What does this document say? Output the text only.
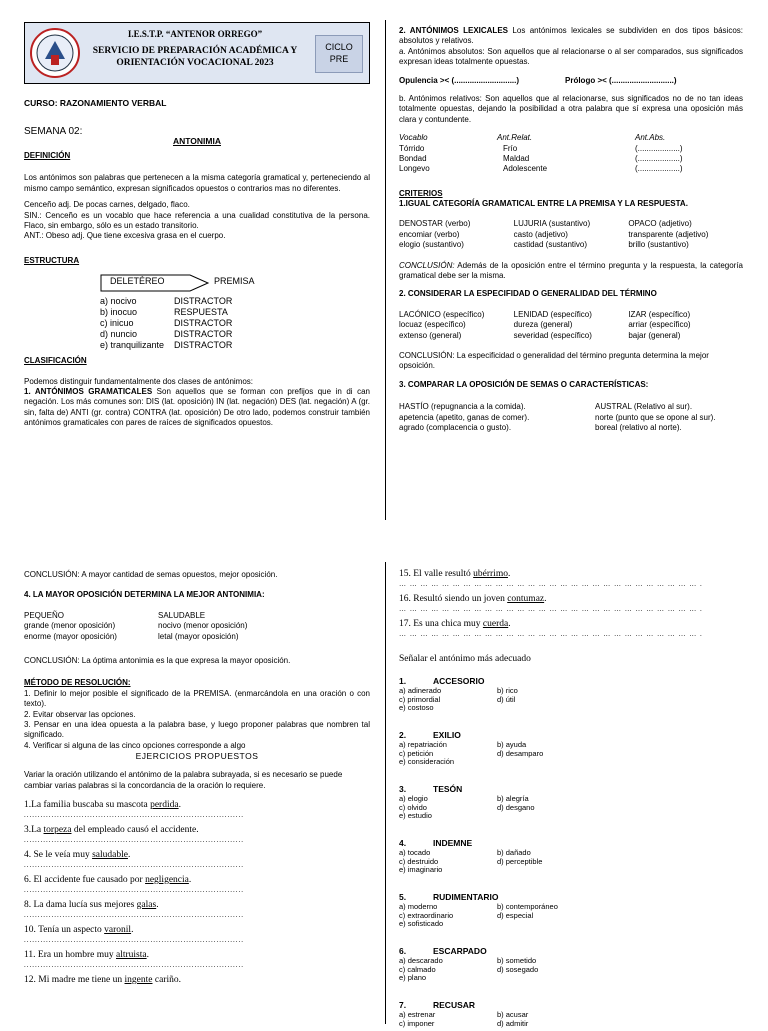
I.E.S.T.P. “ANTENOR ORREGO”
SERVICIO DE PREPARACIÓN ACADÉMICA Y
ORIENTACIÓN VOCACIONAL 2023
CICLO PRE
CURSO: RAZONAMIENTO VERBAL
SEMANA 02:
ANTONIMIA
DEFINICIÓN

Los antónimos son palabras que pertenecen a la misma categoría gramatical y, perteneciendo al mismo campo semántico, expresan significados opuestos o contrarios mas no diferentes.

Cenceño adj. De pocas carnes, delgado, flaco.

SIN.: Cenceño es un vocablo que hace referencia a una cualidad constitutiva de la persona. Flaco, sin embargo, sólo es un estado transitorio.

ANT.: Obeso adj. Que tiene excesiva grasa en el cuerpo.

ESTRUCTURA
DELETÉREO	PREMISA
a) nocivo	DISTRACTOR
b) inocuo	RESPUESTA
c) inicuo	DISTRACTOR
d) nuncio	DISTRACTOR
e) tranquilizante	DISTRACTOR
CLASIFICACIÓN

Podemos distinguir fundamentalmente dos clases de antónimos:

1. ANTÓNIMOS GRAMATICALES Son aquellos que se forman con prefijos que in di can negación. Los más comunes son: DIS (lat. oposición) IN (lat. negación) DES (lat. negación) A (gr. sin, falta de) ANTI (gr. contra) CONTRA (lat. oposición) De otro lado, podemos construir también antónimos gramaticales con pares de raíces de significados opuestos.

2. ANTÓNIMOS LEXICALES Los antónimos lexicales se subdividen en dos tipos básicos: absolutos y relativos.

a. Antónimos absolutos: Son aquellos que al relacionarse o al ser comparados, sus significados expresan ideas totalmente opuestas.

Opulencia >< (............................)	Prólogo >< (............................)

b. Antónimos relativos: Son aquellos que al relacionarse, sus significados no de no tan ideas totalmente opuestas, dejando la posibilidad a otra palabra que sí expresa una oposición más clara y contundente.

Vocablo	Ant.Relat.	Ant.Abs.
Tórrido	Frío	(...................)
Bondad	Maldad	(...................)
Longevo	Adolescente	(...................)
CRITERIOS
1.IGUAL CATEGORÍA GRAMATICAL ENTRE LA PREMISA Y LA RESPUESTA.
DENOSTAR (verbo)	LUJURIA (sustantivo)	OPACO (adjetivo)
encomiar (verbo)	casto (adjetivo)	transparente (adjetivo)
elogio (sustantivo)	castidad (sustantivo)	brillo (sustantivo)

CONCLUSIÓN: Además de la oposición entre el término pregunta y la respuesta, la categoría gramatical debe ser la misma.

2. CONSIDERAR LA ESPECIFIDAD O GENERALIDAD DEL TÉRMINO
LACÓNICO (específico)	LENIDAD (específico)	IZAR (específico)
locuaz (específico)	dureza (general)	arriar (específico)
extenso (general)	severidad (específico)	bajar (general)

CONCLUSIÓN: La especificidad o generalidad del término pregunta determina la mejor opsoición.

3. COMPARAR LA OPOSICIÓN DE SEMAS O CARACTERÍSTICAS:
HASTÍO (repugnancia a la comida).	AUSTRAL (Relativo al sur).
apetencia (apetito, ganas de comer).	norte (punto que se opone al sur).
agrado (complacencia o gusto).	boreal (relativo al norte).

CONCLUSIÓN: A mayor cantidad de semas opuestos, mejor oposición.

4. LA MAYOR OPOSICIÓN DETERMINA LA MEJOR ANTONIMIA:
PEQUEÑO	SALUDABLE
grande (menor oposición)	nocivo (menor oposición)
enorme (mayor oposición)	letal (mayor oposición)

CONCLUSIÓN: La óptima antonimia es la que expresa la mayor oposición.

MÉTODO DE RESOLUCIÓN:

1. Definir lo mejor posible el significado de la PREMISA. (enmarcándola en una oración o con texto).

2. Evitar observar las opciones.

3. Pensar en una idea opuesta a la palabra base, y luego proponer palabras que nombren tal significado.

4. Verificar si alguna de las cinco opciones corresponde a algo

EJERCICIOS PROPUESTOS

Variar la oración utilizando el antónimo de la palabra subrayada, si es necesario se puede cambiar varias palabras si la concordancia de la oración lo requiere.

1.La familia buscaba su mascota perdida.
................................................................................
3.La torpeza del empleado causó el accidente.
................................................................................
4. Se le veía muy saludable.
................................................................................
6. El accidente fue causado por negligencia.
................................................................................
8. La dama lucía sus mejores galas.
................................................................................
10. Tenía un aspecto varonil.
................................................................................
11. Era un hombre muy altruista.
................................................................................
12. Mi madre me tiene un ingente cariño.
15. El valle resultó ubérrimo.
… … … … … … … … … … … … … … … … … … … … … … … … … … … … .
16. Resultó siendo un joven contumaz.
… … … … … … … … … … … … … … … … … … … … … … … … … … … … .
17. Es una chica muy cuerda.
… … … … … … … … … … … … … … … … … … … … … … … … … … … … .
Señalar el antónimo más adecuado
1.	ACCESORIO
a) adinerado	b) rico
c) primordial	d) útil
e) costoso
2.	EXILIO
a) repatriación	b) ayuda
c) petición	d) desamparo
e) consideración
3.	TESÓN
a) elogio	b) alegría
c) olvido	d) desgano
e) estudio
4.	INDEMNE
a) tocado	b) dañado
c) destruido	d) perceptible
e) imaginario
5.	RUDIMENTARIO
a) moderno	b) contemporáneo
c) extraordinario	d) especial
e) sofisticado
6.	ESCARPADO
a) descarado	b) sometido
c) calmado	d) sosegado
e) plano
7.	RECUSAR
a) estrenar	b) acusar
c) imponer	d) admitir
